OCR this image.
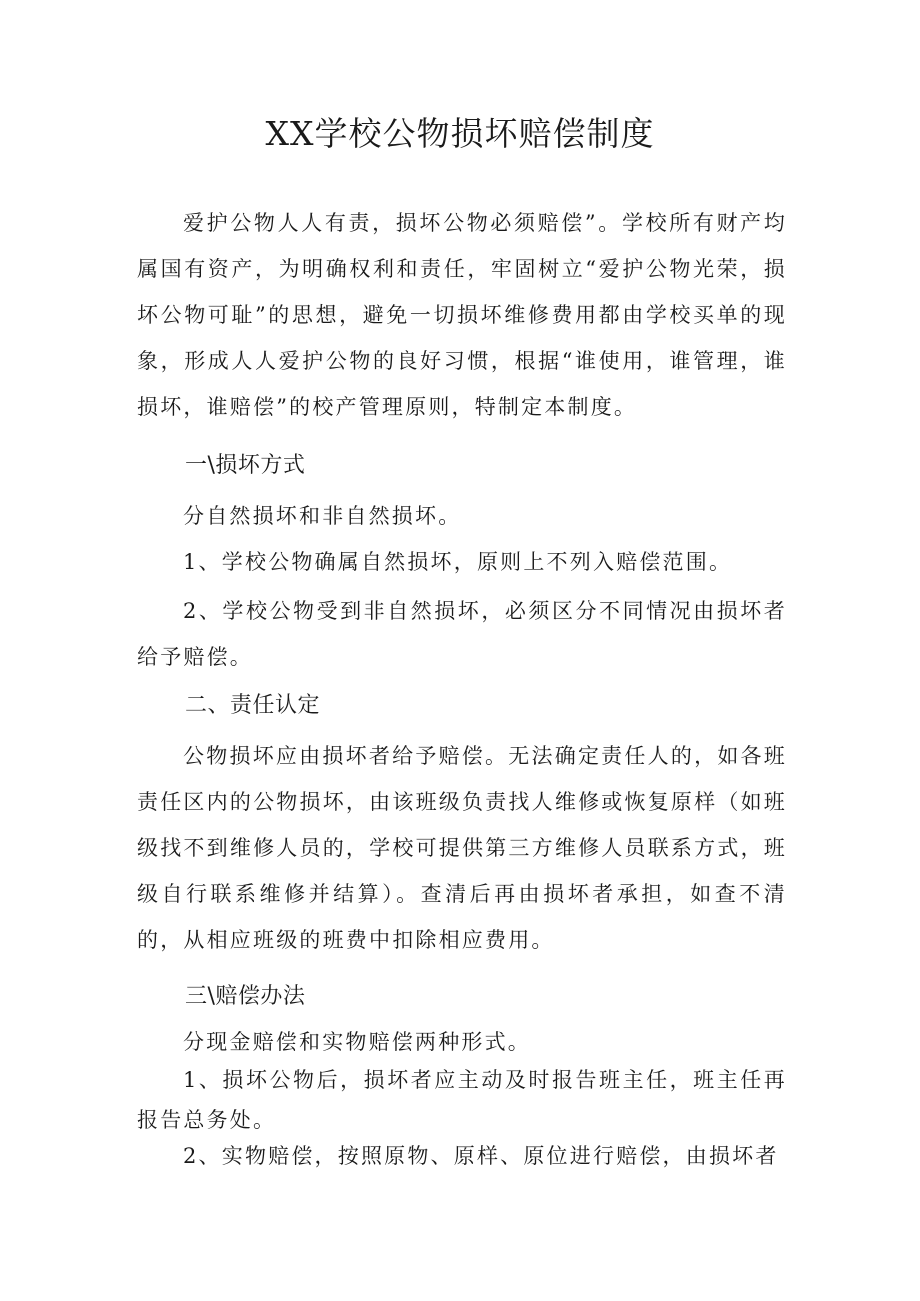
XX学校公物损坏赔偿制度

爱护公物人人有责，损坏公物必须赔偿”。学校所有财产均属国有资产，为明确权利和责任，牢固树立“爱护公物光荣，损坏公物可耻”的思想，避免一切损坏维修费用都由学校买单的现象，形成人人爱护公物的良好习惯，根据“谁使用，谁管理，谁损坏，谁赔偿”的校产管理原则，特制定本制度。

一\损坏方式

分自然损坏和非自然损坏。

1、学校公物确属自然损坏，原则上不列入赔偿范围。

2、学校公物受到非自然损坏，必须区分不同情况由损坏者给予赔偿。

二、责任认定

公物损坏应由损坏者给予赔偿。无法确定责任人的，如各班责任区内的公物损坏，由该班级负责找人维修或恢复原样（如班级找不到维修人员的，学校可提供第三方维修人员联系方式，班级自行联系维修并结算）。查清后再由损坏者承担，如查不清的，从相应班级的班费中扣除相应费用。

三\赔偿办法

分现金赔偿和实物赔偿两种形式。

1、损坏公物后，损坏者应主动及时报告班主任，班主任再报告总务处。

2、实物赔偿，按照原物、原样、原位进行赔偿，由损坏者
